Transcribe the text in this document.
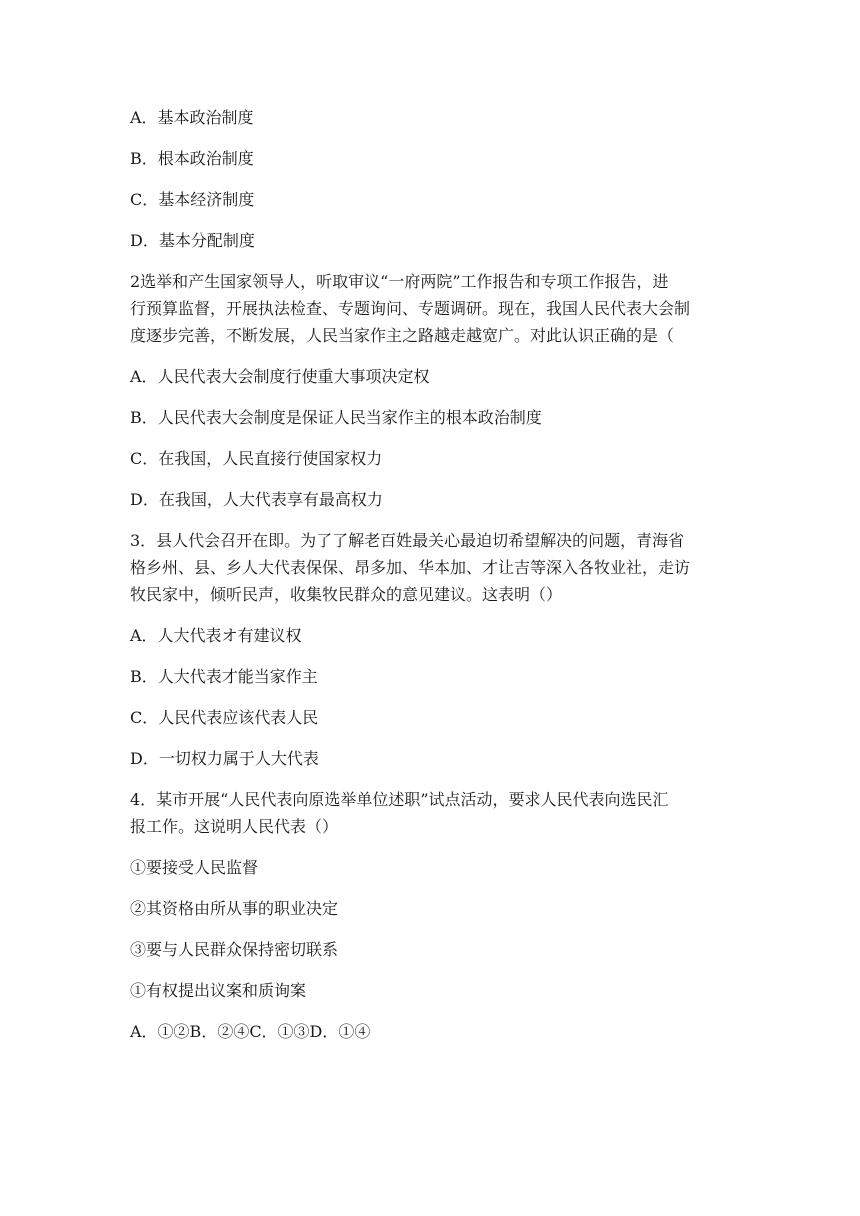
A．基本政治制度
B．根本政治制度
C．基本经济制度
D．基本分配制度
2选举和产生国家领导人，听取审议“一府两院”工作报告和专项工作报告，进
行预算监督，开展执法检查、专题询问、专题调研。现在，我国人民代表大会制
度逐步完善，不断发展，人民当家作主之路越走越宽广。对此认识正确的是（
A．人民代表大会制度行使重大事项决定权
B．人民代表大会制度是保证人民当家作主的根本政治制度
C．在我国，人民直接行使国家权力
D．在我国，人大代表享有最高权力
3．县人代会召开在即。为了了解老百姓最关心最迫切希望解决的问题，青海省
格乡州、县、乡人大代表保保、昂多加、华本加、才让吉等深入各牧业社，走访
牧民家中，倾听民声，收集牧民群众的意见建议。这表明（）
A．人大代表オ有建议权
B．人大代表才能当家作主
C．人民代表应该代表人民
D．一切权力属于人大代表
4．某市开展“人民代表向原选举单位述职”试点活动，要求人民代表向选民汇
报工作。这说明人民代表（）
①要接受人民监督
②其资格由所从事的职业决定
③要与人民群众保持密切联系
①有权提出议案和质询案
A．①②B．②④C．①③D．①④
